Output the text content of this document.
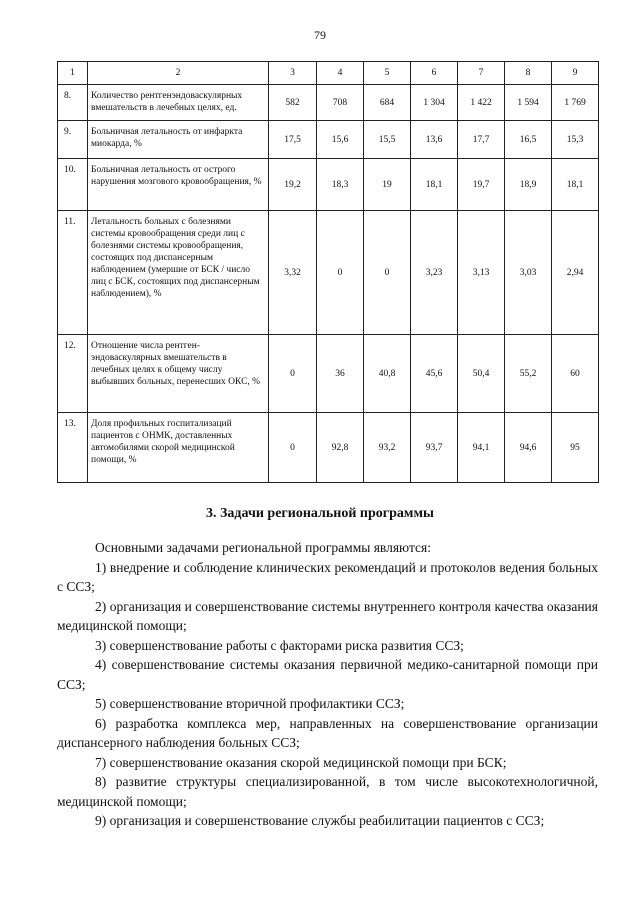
79
1	2	3	4	5	6	7	8	9
8.	Количество рентгенэндоваскулярных вмешательств в лечебных целях, ед.	582	708	684	1 304	1 422	1 594	1 769
9.	Больничная летальность от инфаркта миокарда, %	17,5	15,6	15,5	13,6	17,7	16,5	15,3
10.	Больничная летальность от острого нарушения мозгового кровообращения, %	19,2	18,3	19	18,1	19,7	18,9	18,1
11.	Летальность больных с болезнями системы кровообращения среди лиц с болезнями системы кровообращения, состоящих под диспансерным наблюдением (умершие от БСК / число лиц с БСК, состоящих под диспансерным наблюдением), %	3,32	0	0	3,23	3,13	3,03	2,94
12.	Отношение числа рентген-эндоваскулярных вмешательств в лечебных целях к общему числу выбывших больных, перенесших ОКС, %	0	36	40,8	45,6	50,4	55,2	60
13.	Доля профильных госпитализаций пациентов с ОНМК, доставленных автомобилями скорой медицинской помощи, %	0	92,8	93,2	93,7	94,1	94,6	95
3. Задачи региональной программы

Основными задачами региональной программы являются:

1) внедрение и соблюдение клинических рекомендаций и протоколов ведения больных с ССЗ;

2) организация и совершенствование системы внутреннего контроля качества оказания медицинской помощи;

3) совершенствование работы с факторами риска развития ССЗ;

4) совершенствование системы оказания первичной медико-санитарной помощи при ССЗ;

5) совершенствование вторичной профилактики ССЗ;

6) разработка комплекса мер, направленных на совершенствование организации диспансерного наблюдения больных ССЗ;

7) совершенствование оказания скорой медицинской помощи при БСК;

8) развитие структуры специализированной, в том числе высокотехнологичной, медицинской помощи;

9) организация и совершенствование службы реабилитации пациентов с ССЗ;
